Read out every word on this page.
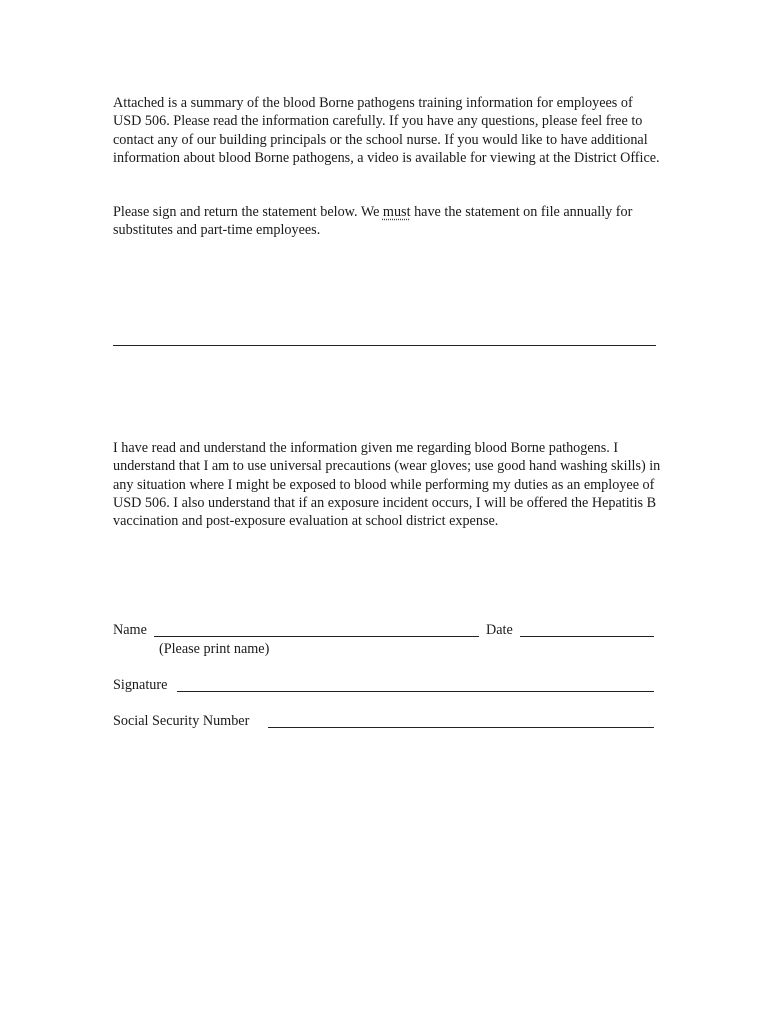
Attached is a summary of the blood Borne pathogens training information for employees of USD 506. Please read the information carefully. If you have any questions, please feel free to contact any of our building principals or the school nurse. If you would like to have additional information about blood Borne pathogens, a video is available for viewing at the District Office.

Please sign and return the statement below. We must have the statement on file annually for substitutes and part-time employees.

I have read and understand the information given me regarding blood Borne pathogens. I understand that I am to use universal precautions (wear gloves; use good hand washing skills) in any situation where I might be exposed to blood while performing my duties as an employee of USD 506. I also understand that if an exposure incident occurs, I will be offered the Hepatitis B vaccination and post-exposure evaluation at school district expense.

Name	Date
(Please print name)
Signature
Social Security Number
